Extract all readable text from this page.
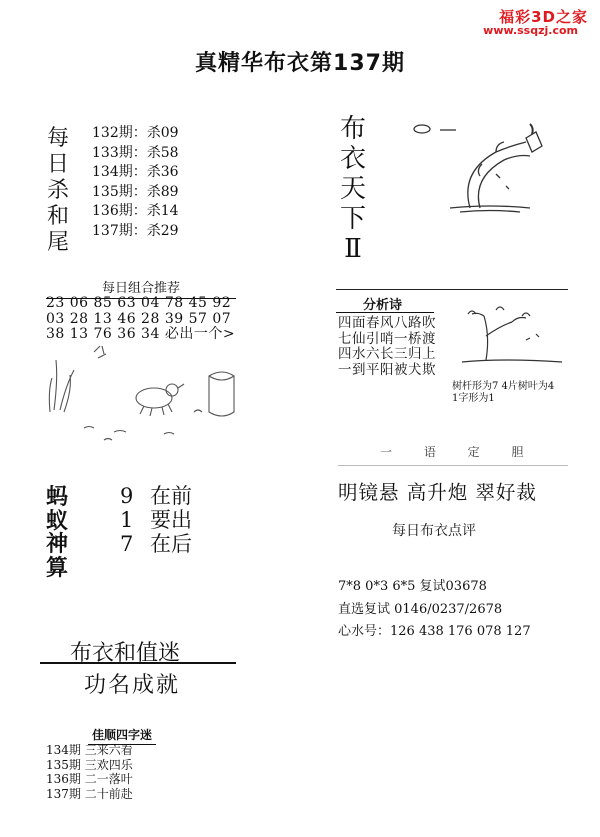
福彩3D之家
www.ssqzj.com
真精华布衣第137期
每
日
杀
和
尾
132期：杀09
133期：杀58
134期：杀36
135期：杀89
136期：杀14
137期：杀29
每日组合推荐
23 06 85 63 04 78 45 92
03 28 13 46 28 39 57 07
38 13 76 36 34 必出一个>
蚂
蚁
神
算
9 在前
1 要出
7 在后
布衣和值迷
功名成就
佳顺四字迷
134期 三来六看
135期 三欢四乐
136期 二一落叶
137期 二十前赴
布
衣
天
下
Ⅱ
分析诗
四面春风八路吹
七仙引哨一桥渡
四水六长三归上
一到平阳被犬欺
树杆形为7 4片树叶为4
1字形为1
一 语 定 胆
明镜悬 高升炮 翠好裁
每日布衣点评
7*8 0*3 6*5 复试03678
直选复试 0146/0237/2678
心水号：126 438 176 078 127
